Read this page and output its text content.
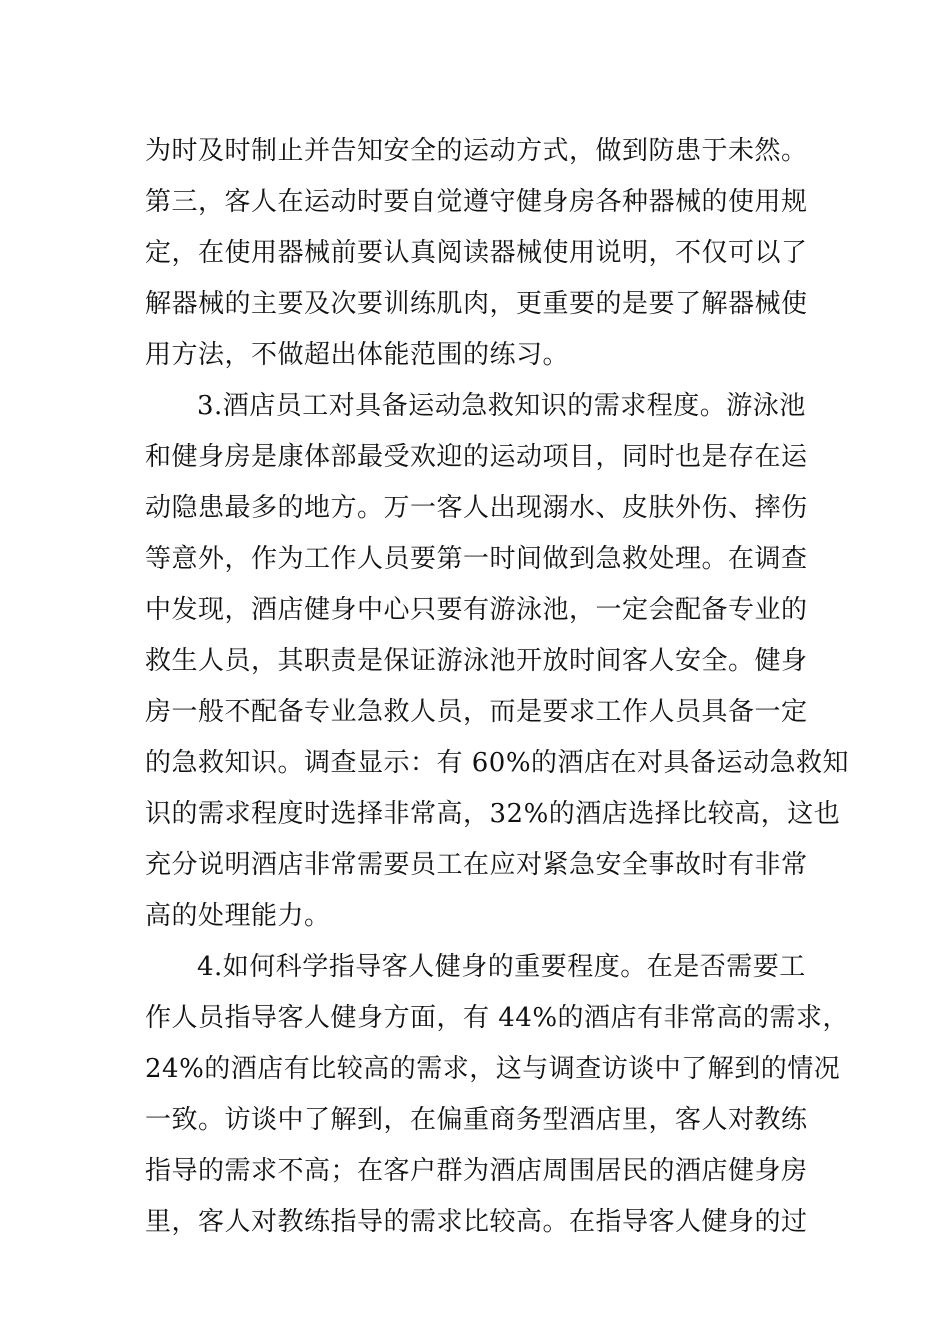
为时及时制止并告知安全的运动方式，做到防患于未然。
第三，客人在运动时要自觉遵守健身房各种器械的使用规
定，在使用器械前要认真阅读器械使用说明，不仅可以了
解器械的主要及次要训练肌肉，更重要的是要了解器械使
用方法，不做超出体能范围的练习。
3.酒店员工对具备运动急救知识的需求程度。游泳池
和健身房是康体部最受欢迎的运动项目，同时也是存在运
动隐患最多的地方。万一客人出现溺水、皮肤外伤、摔伤
等意外，作为工作人员要第一时间做到急救处理。在调查
中发现，酒店健身中心只要有游泳池，一定会配备专业的
救生人员，其职责是保证游泳池开放时间客人安全。健身
房一般不配备专业急救人员，而是要求工作人员具备一定
的急救知识。调查显示：有 60%的酒店在对具备运动急救知
识的需求程度时选择非常高，32%的酒店选择比较高，这也
充分说明酒店非常需要员工在应对紧急安全事故时有非常
高的处理能力。
4.如何科学指导客人健身的重要程度。在是否需要工
作人员指导客人健身方面，有 44%的酒店有非常高的需求，
24%的酒店有比较高的需求，这与调查访谈中了解到的情况
一致。访谈中了解到，在偏重商务型酒店里，客人对教练
指导的需求不高；在客户群为酒店周围居民的酒店健身房
里，客人对教练指导的需求比较高。在指导客人健身的过
